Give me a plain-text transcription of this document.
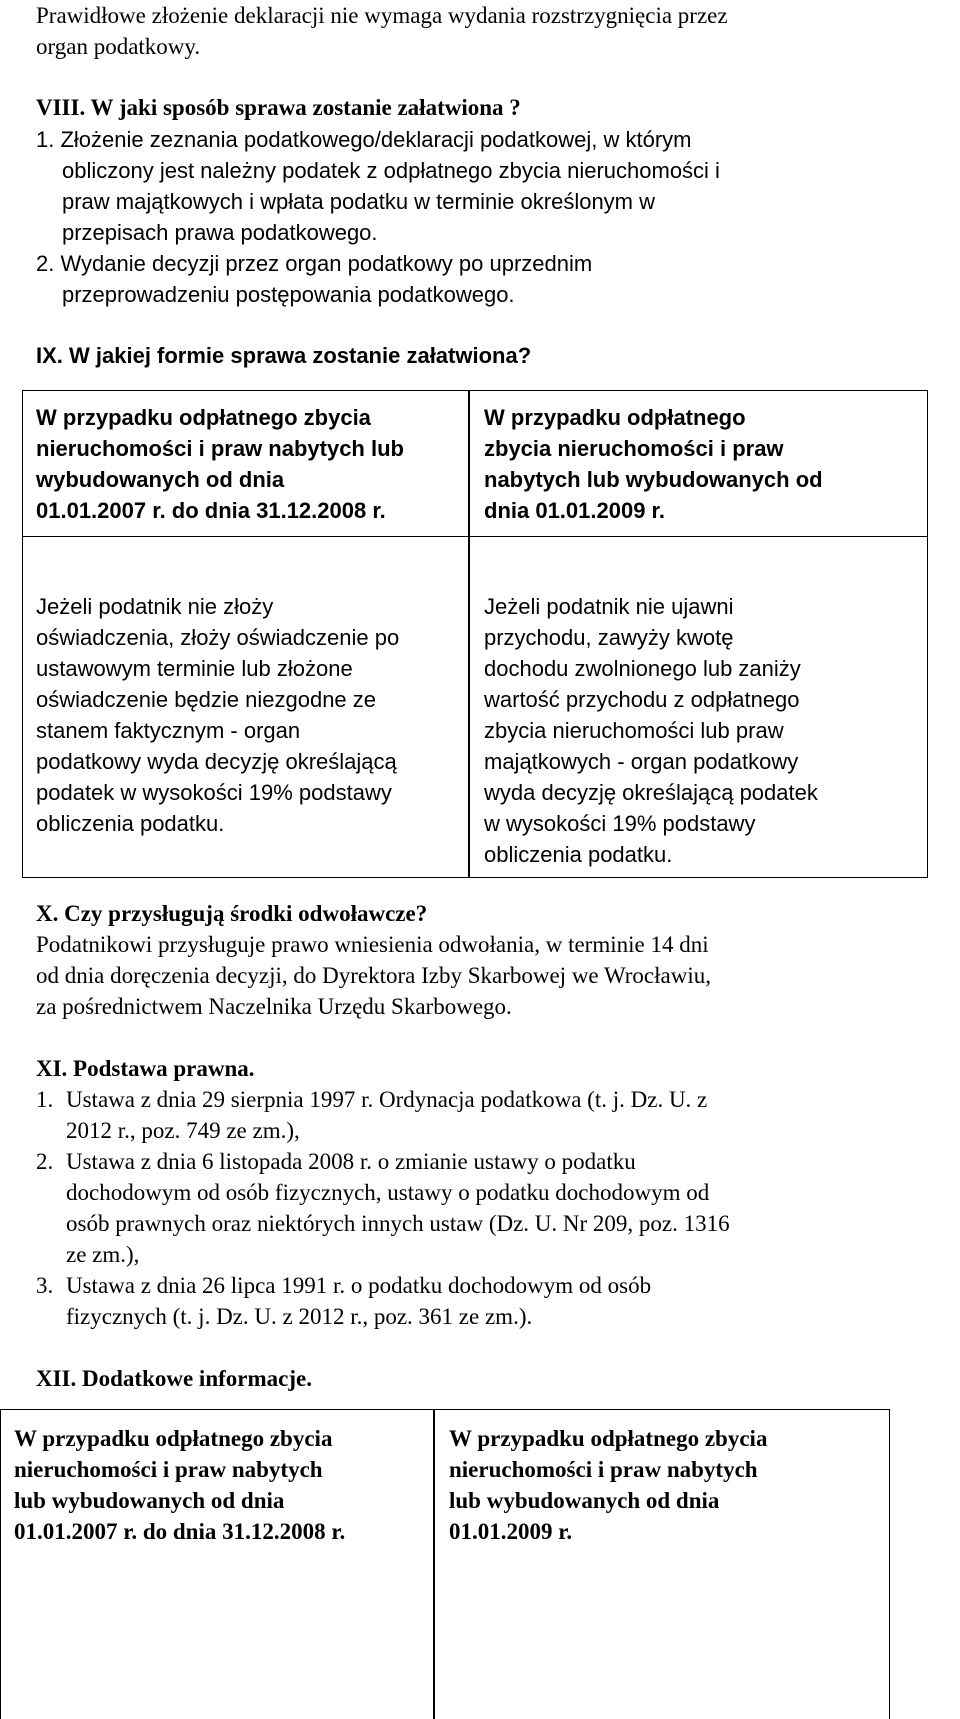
Prawidłowe złożenie deklaracji nie wymaga wydania rozstrzygnięcia przez
organ podatkowy.
VIII. W jaki sposób sprawa zostanie załatwiona ?
1. Złożenie zeznania podatkowego/deklaracji podatkowej, w którym
obliczony jest należny podatek z odpłatnego zbycia nieruchomości i
praw majątkowych i wpłata podatku w terminie określonym w
przepisach prawa podatkowego.
2. Wydanie decyzji przez organ podatkowy po uprzednim
przeprowadzeniu postępowania podatkowego.
IX. W jakiej formie sprawa zostanie załatwiona?
W przypadku odpłatnego zbycia
nieruchomości i praw nabytych lub
wybudowanych od dnia
01.01.2007 r. do dnia 31.12.2008 r.
W przypadku odpłatnego
zbycia nieruchomości i praw
nabytych lub wybudowanych od
dnia 01.01.2009 r.
Jeżeli podatnik nie złoży
oświadczenia, złoży oświadczenie po
ustawowym terminie lub złożone
oświadczenie będzie niezgodne ze
stanem faktycznym - organ
podatkowy wyda decyzję określającą
podatek w wysokości 19% podstawy
obliczenia podatku.
Jeżeli podatnik nie ujawni
przychodu, zawyży kwotę
dochodu zwolnionego lub zaniży
wartość przychodu z odpłatnego
zbycia nieruchomości lub praw
majątkowych - organ podatkowy
wyda decyzję określającą podatek
w wysokości 19% podstawy
obliczenia podatku.
X. Czy przysługują środki odwoławcze?
Podatnikowi przysługuje prawo wniesienia odwołania, w terminie 14 dni
od dnia doręczenia decyzji, do Dyrektora Izby Skarbowej we Wrocławiu,
za pośrednictwem Naczelnika Urzędu Skarbowego.
XI. Podstawa prawna.
1. Ustawa z dnia 29 sierpnia 1997 r. Ordynacja podatkowa (t. j. Dz. U. z
2012 r., poz. 749 ze zm.),
2. Ustawa z dnia 6 listopada 2008 r. o zmianie ustawy o podatku
dochodowym od osób fizycznych, ustawy o podatku dochodowym od
osób prawnych oraz niektórych innych ustaw (Dz. U. Nr 209, poz. 1316
ze zm.),
3. Ustawa z dnia 26 lipca 1991 r. o podatku dochodowym od osób
fizycznych (t. j. Dz. U. z 2012 r., poz. 361 ze zm.).
XII. Dodatkowe informacje.
W przypadku odpłatnego zbycia
nieruchomości i praw nabytych
lub wybudowanych od dnia
01.01.2007 r. do dnia 31.12.2008 r.
W przypadku odpłatnego zbycia
nieruchomości i praw nabytych
lub wybudowanych od dnia
01.01.2009 r.
